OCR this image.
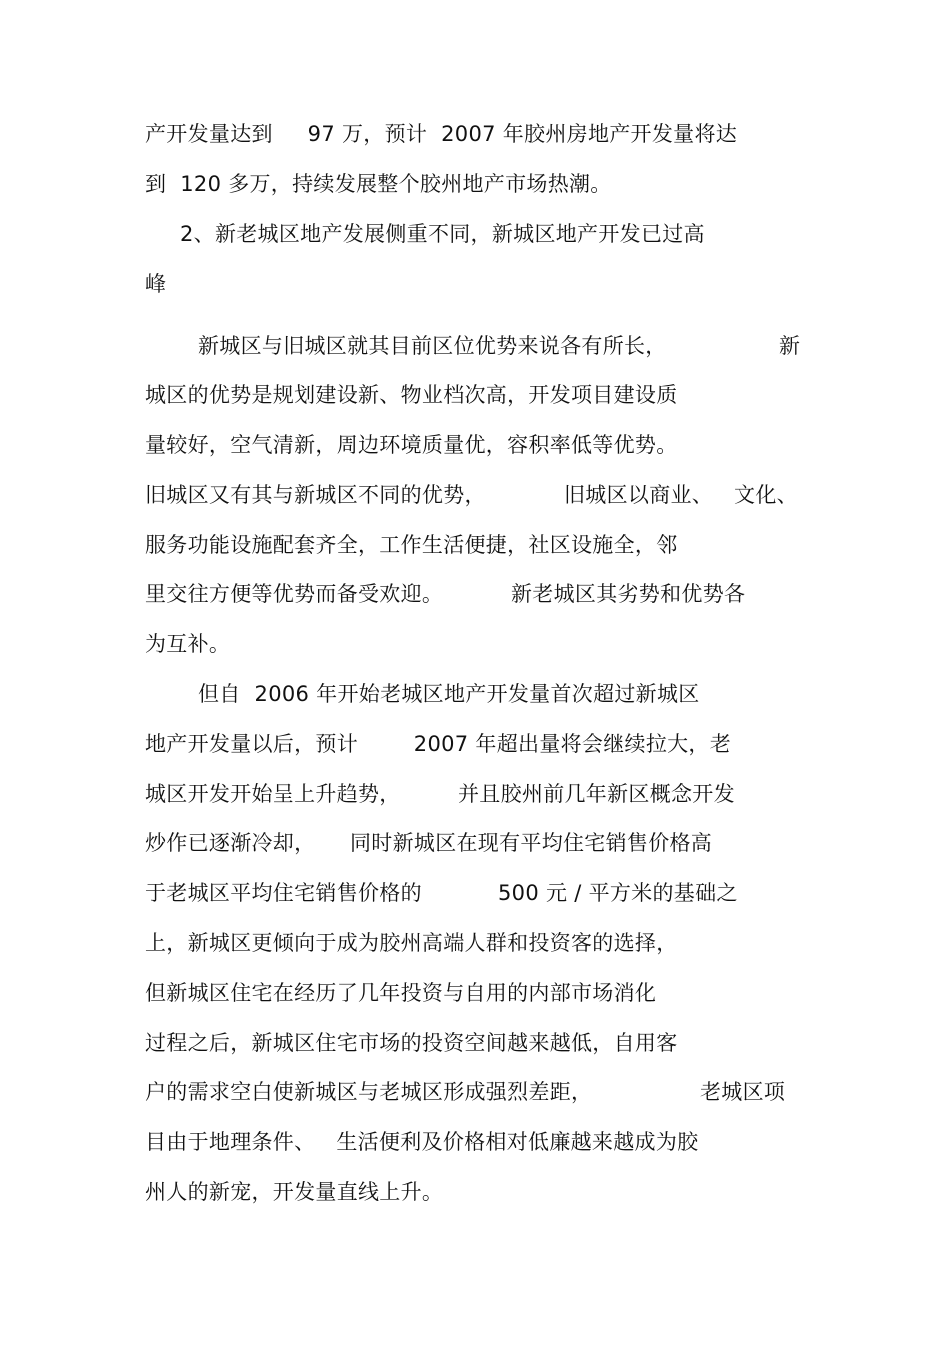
产开发量达到     97 万，预计  2007 年胶州房地产开发量将达
到  120 多万，持续发展整个胶州地产市场热潮。
2、新老城区地产发展侧重不同，新城区地产开发已过高
峰
新城区与旧城区就其目前区位优势来说各有所长，	新
城区的优势是规划建设新、物业档次高，开发项目建设质
量较好，空气清新，周边环境质量优，容积率低等优势。
旧城区又有其与新城区不同的优势，	旧城区以商业、   文化、
服务功能设施配套齐全，工作生活便捷，社区设施全，邻
里交往方便等优势而备受欢迎。	新老城区其劣势和优势各
为互补。
但自  2006 年开始老城区地产开发量首次超过新城区
地产开发量以后，预计        2007 年超出量将会继续拉大，老
城区开发开始呈上升趋势，	并且胶州前几年新区概念开发
炒作已逐渐冷却， 同时新城区在现有平均住宅销售价格高
于老城区平均住宅销售价格的	500 元 / 平方米的基础之
上，新城区更倾向于成为胶州高端人群和投资客的选择，
但新城区住宅在经历了几年投资与自用的内部市场消化
过程之后，新城区住宅市场的投资空间越来越低，自用客
户的需求空白使新城区与老城区形成强烈差距，	老城区项
目由于地理条件、   生活便利及价格相对低廉越来越成为胶
州人的新宠，开发量直线上升。
